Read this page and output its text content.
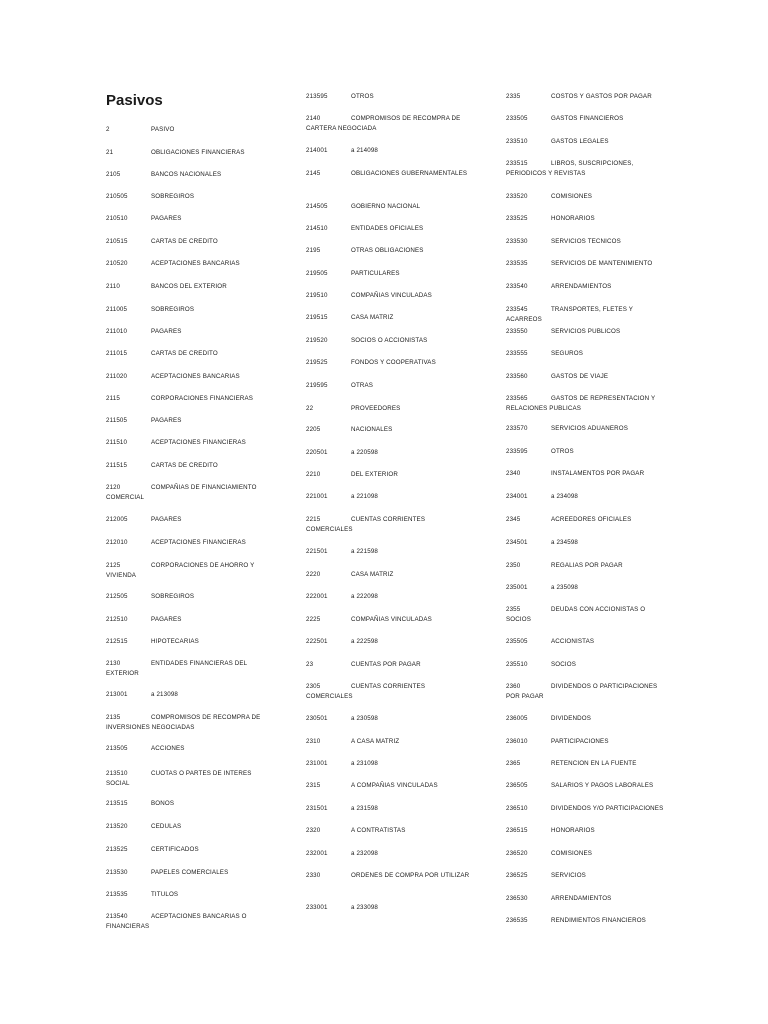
Pasivos
2	PASIVO
21	OBLIGACIONES FINANCIERAS
2105	BANCOS NACIONALES
210505	SOBREGIROS
210510	PAGARES
210515	CARTAS DE CREDITO
210520	ACEPTACIONES BANCARIAS
2110	BANCOS DEL EXTERIOR
211005	SOBREGIROS
211010	PAGARES
211015	CARTAS DE CREDITO
211020	ACEPTACIONES BANCARIAS
2115	CORPORACIONES FINANCIERAS
211505	PAGARES
211510	ACEPTACIONES FINANCIERAS
211515	CARTAS DE CREDITO
2120	COMPAÑIAS DE FINANCIAMIENTO COMERCIAL
212005	PAGARES
212010	ACEPTACIONES FINANCIERAS
2125	CORPORACIONES DE AHORRO Y VIVIENDA
212505	SOBREGIROS
212510	PAGARES
212515	HIPOTECARIAS
2130	ENTIDADES FINANCIERAS DEL EXTERIOR
213001	a 213098
2135	COMPROMISOS DE RECOMPRA DE INVERSIONES NEGOCIADAS
213505	ACCIONES
213510	CUOTAS O PARTES DE INTERES SOCIAL
213515	BONOS
213520	CEDULAS
213525	CERTIFICADOS
213530	PAPELES COMERCIALES
213535	TITULOS
213540	ACEPTACIONES BANCARIAS O FINANCIERAS
213595	OTROS
2140	COMPROMISOS DE RECOMPRA DE CARTERA NEGOCIADA
214001	a 214098
2145	OBLIGACIONES GUBERNAMENTALES
214505	GOBIERNO NACIONAL
214510	ENTIDADES OFICIALES
2195	OTRAS OBLIGACIONES
219505	PARTICULARES
219510	COMPAÑIAS VINCULADAS
219515	CASA MATRIZ
219520	SOCIOS O ACCIONISTAS
219525	FONDOS Y COOPERATIVAS
219595	OTRAS
22	PROVEEDORES
2205	NACIONALES
220501	a 220598
2210	DEL EXTERIOR
221001	a 221098
2215	CUENTAS CORRIENTES COMERCIALES
221501	a 221598
2220	CASA MATRIZ
222001	a 222098
2225	COMPAÑIAS VINCULADAS
222501	a 222598
23	CUENTAS POR PAGAR
2305	CUENTAS CORRIENTES COMERCIALES
230501	a 230598
2310	A CASA MATRIZ
231001	a 231098
2315	A COMPAÑIAS VINCULADAS
231501	a 231598
2320	A CONTRATISTAS
232001	a 232098
2330	ORDENES DE COMPRA POR UTILIZAR
233001	a 233098
2335	COSTOS Y GASTOS POR PAGAR
233505	GASTOS FINANCIEROS
233510	GASTOS LEGALES
233515	LIBROS, SUSCRIPCIONES, PERIODICOS Y REVISTAS
233520	COMISIONES
233525	HONORARIOS
233530	SERVICIOS TECNICOS
233535	SERVICIOS DE MANTENIMIENTO
233540	ARRENDAMIENTOS
233545	TRANSPORTES, FLETES Y ACARREOS
233550	SERVICIOS PUBLICOS
233555	SEGUROS
233560	GASTOS DE VIAJE
233565	GASTOS DE REPRESENTACION Y RELACIONES PUBLICAS
233570	SERVICIOS ADUANEROS
233595	OTROS
2340	INSTALAMENTOS POR PAGAR
234001	a 234098
2345	ACREEDORES OFICIALES
234501	a 234598
2350	REGALIAS POR PAGAR
235001	a 235098
2355	DEUDAS CON ACCIONISTAS O SOCIOS
235505	ACCIONISTAS
235510	SOCIOS
2360	DIVIDENDOS O PARTICIPACIONES POR PAGAR
236005	DIVIDENDOS
236010	PARTICIPACIONES
2365	RETENCION EN LA FUENTE
236505	SALARIOS Y PAGOS LABORALES
236510	DIVIDENDOS Y/O PARTICIPACIONES
236515	HONORARIOS
236520	COMISIONES
236525	SERVICIOS
236530	ARRENDAMIENTOS
236535	RENDIMIENTOS FINANCIEROS
